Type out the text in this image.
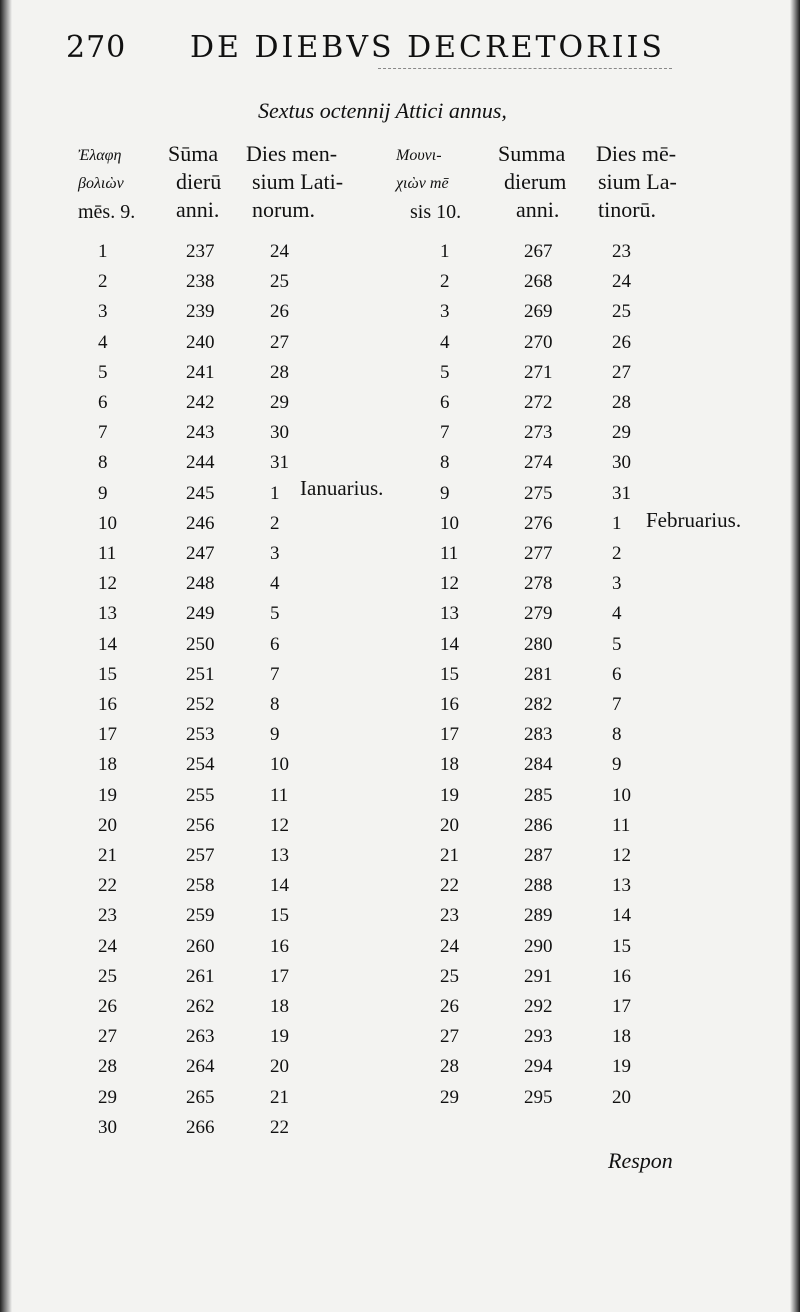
270 DE DIEBVS DECRETORIIS
Sextus octennij Attici annus,
Ἐλαφη
βολιὼν
mēs. 9.
Sūma
dierū
anni.
Dies men-
sium Lati-
norum.
Μουνι-
χιὼν mē
sis 10.
Summa
dierum
anni.
Dies mē-
sium La-
tinorū.
1	237	24
2	238	25
3	239	26
4	240	27
5	241	28
6	242	29
7	243	30
8	244	31
9	245	1
10	246	2
11	247	3
12	248	4
13	249	5
14	250	6
15	251	7
16	252	8
17	253	9
18	254	10
19	255	11
20	256	12
21	257	13
22	258	14
23	259	15
24	260	16
25	261	17
26	262	18
27	263	19
28	264	20
29	265	21
30	266	22
1	267	23
2	268	24
3	269	25
4	270	26
5	271	27
6	272	28
7	273	29
8	274	30
9	275	31
10	276	1
11	277	2
12	278	3
13	279	4
14	280	5
15	281	6
16	282	7
17	283	8
18	284	9
19	285	10
20	286	11
21	287	12
22	288	13
23	289	14
24	290	15
25	291	16
26	292	17
27	293	18
28	294	19
29	295	20
Ianuarius.
Februarius.
Respon
